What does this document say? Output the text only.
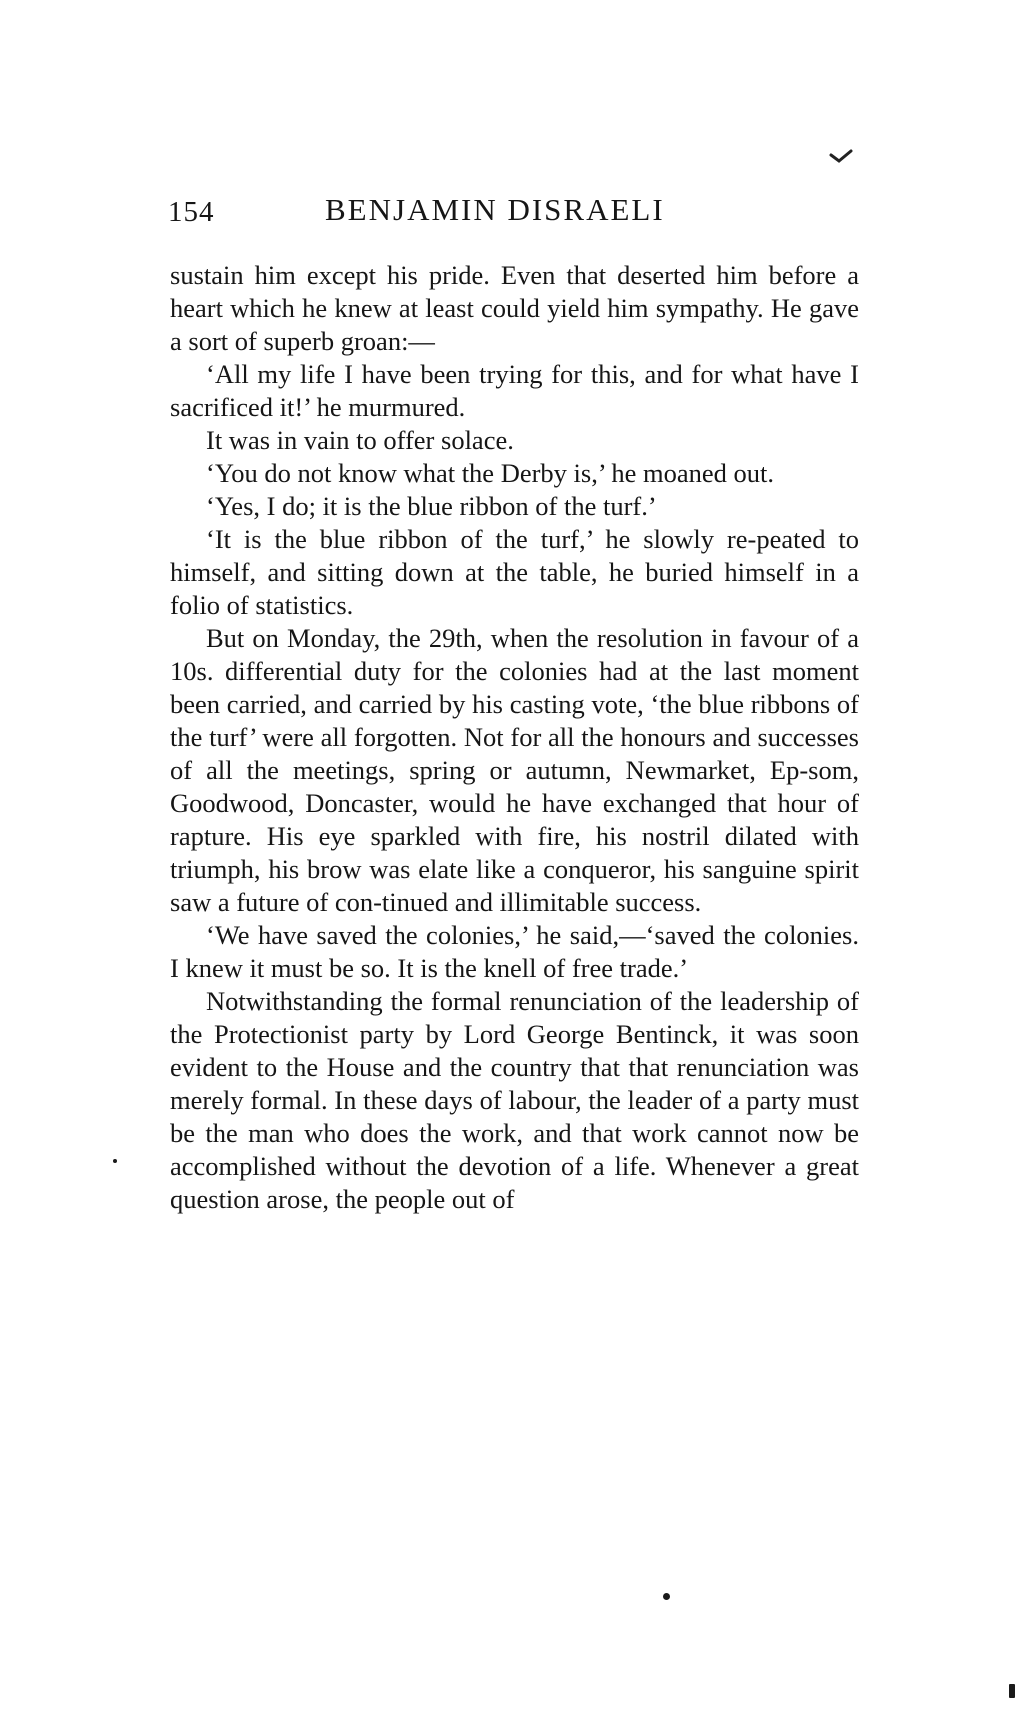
154	BENJAMIN DISRAELI

sustain him except his pride. Even that deserted him before a heart which he knew at least could yield him sympathy. He gave a sort of superb groan:—

‘All my life I have been trying for this, and for what have I sacrificed it!’ he murmured.

It was in vain to offer solace.

‘You do not know what the Derby is,’ he moaned out.

‘Yes, I do; it is the blue ribbon of the turf.’

‘It is the blue ribbon of the turf,’ he slowly re-peated to himself, and sitting down at the table, he buried himself in a folio of statistics.

But on Monday, the 29th, when the resolution in favour of a 10s. differential duty for the colonies had at the last moment been carried, and carried by his casting vote, ‘the blue ribbons of the turf’ were all forgotten. Not for all the honours and successes of all the meetings, spring or autumn, Newmarket, Ep-som, Goodwood, Doncaster, would he have exchanged that hour of rapture. His eye sparkled with fire, his nostril dilated with triumph, his brow was elate like a conqueror, his sanguine spirit saw a future of con-tinued and illimitable success.

‘We have saved the colonies,’ he said,—‘saved the colonies. I knew it must be so. It is the knell of free trade.’

Notwithstanding the formal renunciation of the leadership of the Protectionist party by Lord George Bentinck, it was soon evident to the House and the country that that renunciation was merely formal. In these days of labour, the leader of a party must be the man who does the work, and that work cannot now be accomplished without the devotion of a life. Whenever a great question arose, the people out of
